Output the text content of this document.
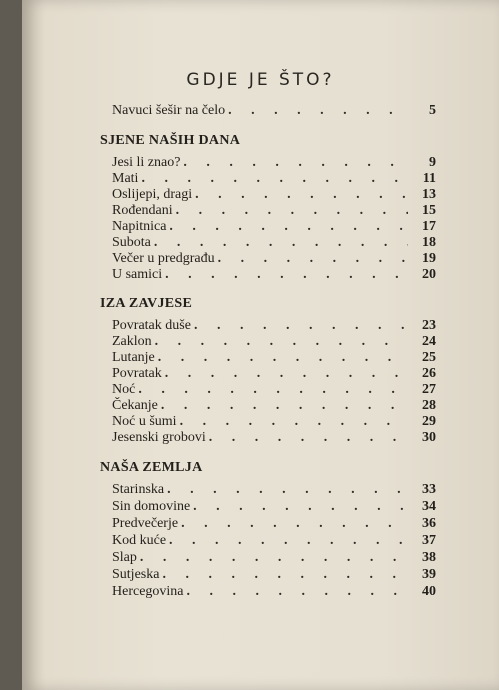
GDJE JE ŠTO?
Navuci šešir na čelo . . .	5
SJENE NAŠIH DANA
Jesi li znao? . . .	9
Mati . . .	11
Oslijepi, dragi . . .	13
Rođendani . . .	15
Napitnica . . .	17
Subota . . .	18
Večer u predgrađu . . .	19
U samici . . .	20
IZA ZAVJESE
Povratak duše . . .	23
Zaklon . . .	24
Lutanje . . .	25
Povratak . . .	26
Noć . . .	27
Čekanje . . .	28
Noć u šumi . . .	29
Jesenski grobovi . . .	30
NAŠA ZEMLJA
Starinska . . .	33
Sin domovine . . .	34
Predvečerje . . .	36
Kod kuće . . .	37
Slap . . .	38
Sutjeska . . .	39
Hercegovina . . .	40
